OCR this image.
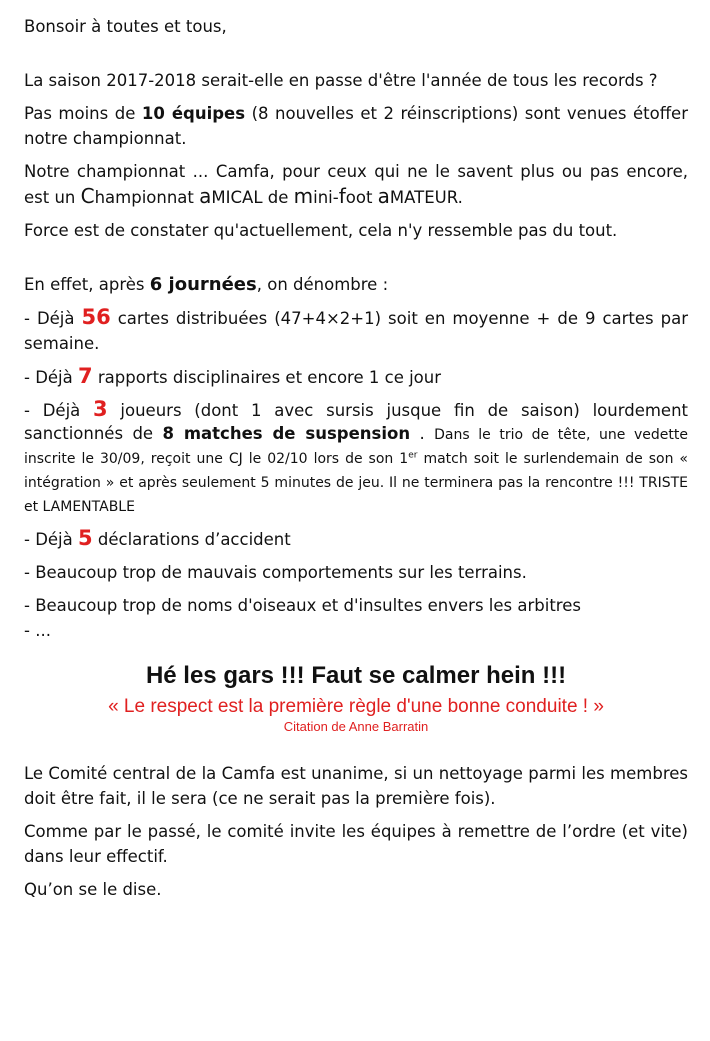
Bonsoir à toutes et tous,

La saison 2017-2018 serait-elle en passe d'être l'année de tous les records ?

Pas moins de 10 équipes (8 nouvelles et 2 réinscriptions) sont venues étoffer notre championnat.

Notre championnat ... Camfa, pour ceux qui ne le savent plus ou pas encore, est un Championnat aMICAL de mini-foot aMATEUR.

Force est de constater qu'actuellement, cela n'y ressemble pas du tout.

En effet, après 6 journées, on dénombre :

- Déjà 56 cartes distribuées (47+4×2+1) soit en moyenne + de 9 cartes par semaine.

- Déjà 7 rapports disciplinaires et encore 1 ce jour

- Déjà 3 joueurs (dont 1 avec sursis jusque fin de saison) lourdement sanctionnés de 8 matches de suspension . Dans le trio de tête, une vedette inscrite le 30/09, reçoit une CJ le 02/10 lors de son 1er match soit le surlendemain de son « intégration » et après seulement 5 minutes de jeu. Il ne terminera pas la rencontre !!! TRISTE et LAMENTABLE

- Déjà 5 déclarations d’accident

- Beaucoup trop de mauvais comportements sur les terrains.

- Beaucoup trop de noms d'oiseaux et d'insultes envers les arbitres

- ...

Hé les gars !!! Faut se calmer hein !!!
« Le respect est la première règle d'une bonne conduite ! »
Citation de Anne Barratin

Le Comité central de la Camfa est unanime, si un nettoyage parmi les membres doit être fait, il le sera (ce ne serait pas la première fois).

Comme par le passé, le comité invite les équipes à remettre de l’ordre (et vite) dans leur effectif.

Qu’on se le dise.
